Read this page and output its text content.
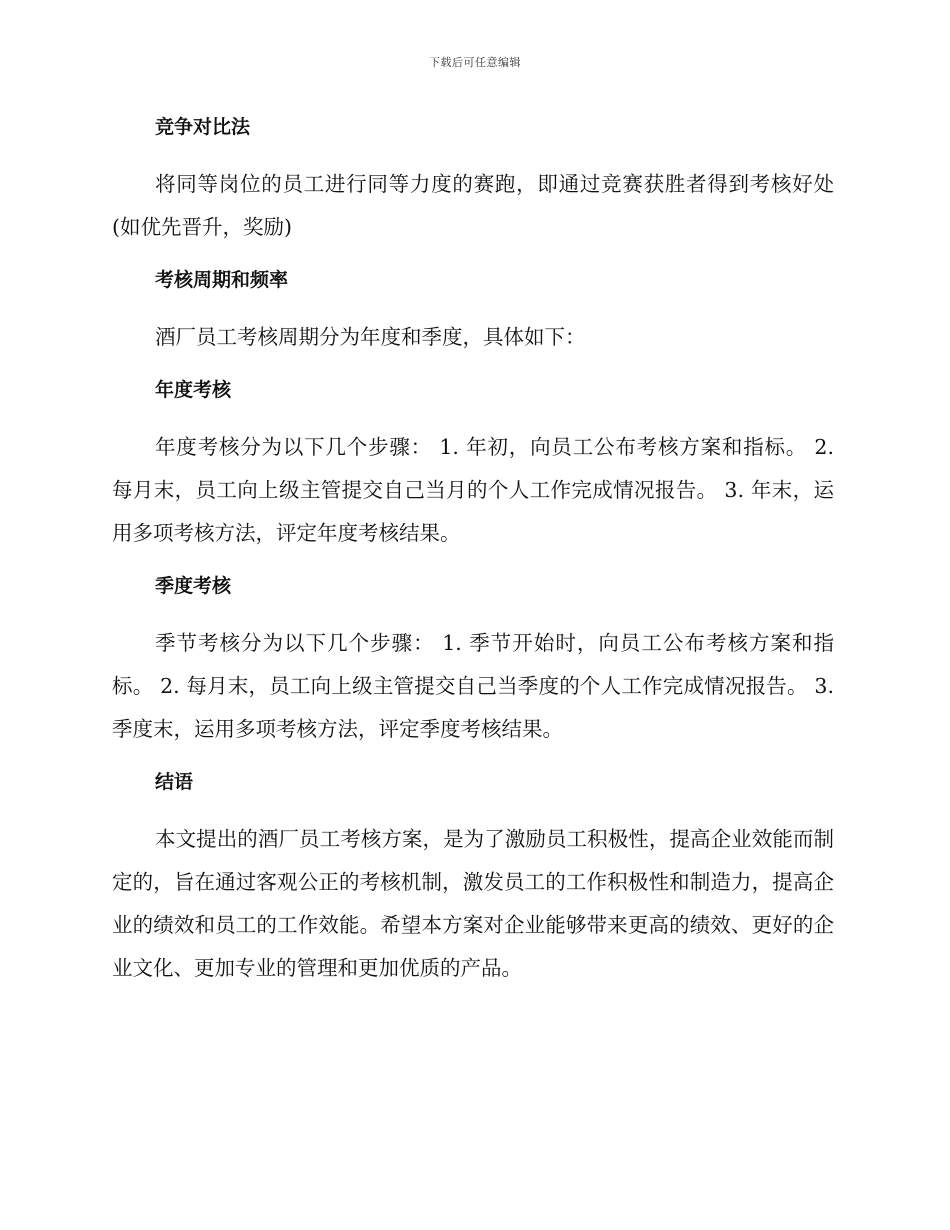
下载后可任意编辑
竞争对比法

将同等岗位的员工进行同等力度的赛跑，即通过竞赛获胜者得到考核好处(如优先晋升，奖励)

考核周期和频率

酒厂员工考核周期分为年度和季度，具体如下：

年度考核

年度考核分为以下几个步骤： 1. 年初，向员工公布考核方案和指标。 2. 每月末，员工向上级主管提交自己当月的个人工作完成情况报告。 3. 年末，运用多项考核方法，评定年度考核结果。

季度考核

季节考核分为以下几个步骤： 1. 季节开始时，向员工公布考核方案和指标。 2. 每月末，员工向上级主管提交自己当季度的个人工作完成情况报告。 3. 季度末，运用多项考核方法，评定季度考核结果。

结语

本文提出的酒厂员工考核方案，是为了激励员工积极性，提高企业效能而制定的，旨在通过客观公正的考核机制，激发员工的工作积极性和制造力，提高企业的绩效和员工的工作效能。希望本方案对企业能够带来更高的绩效、更好的企业文化、更加专业的管理和更加优质的产品。
